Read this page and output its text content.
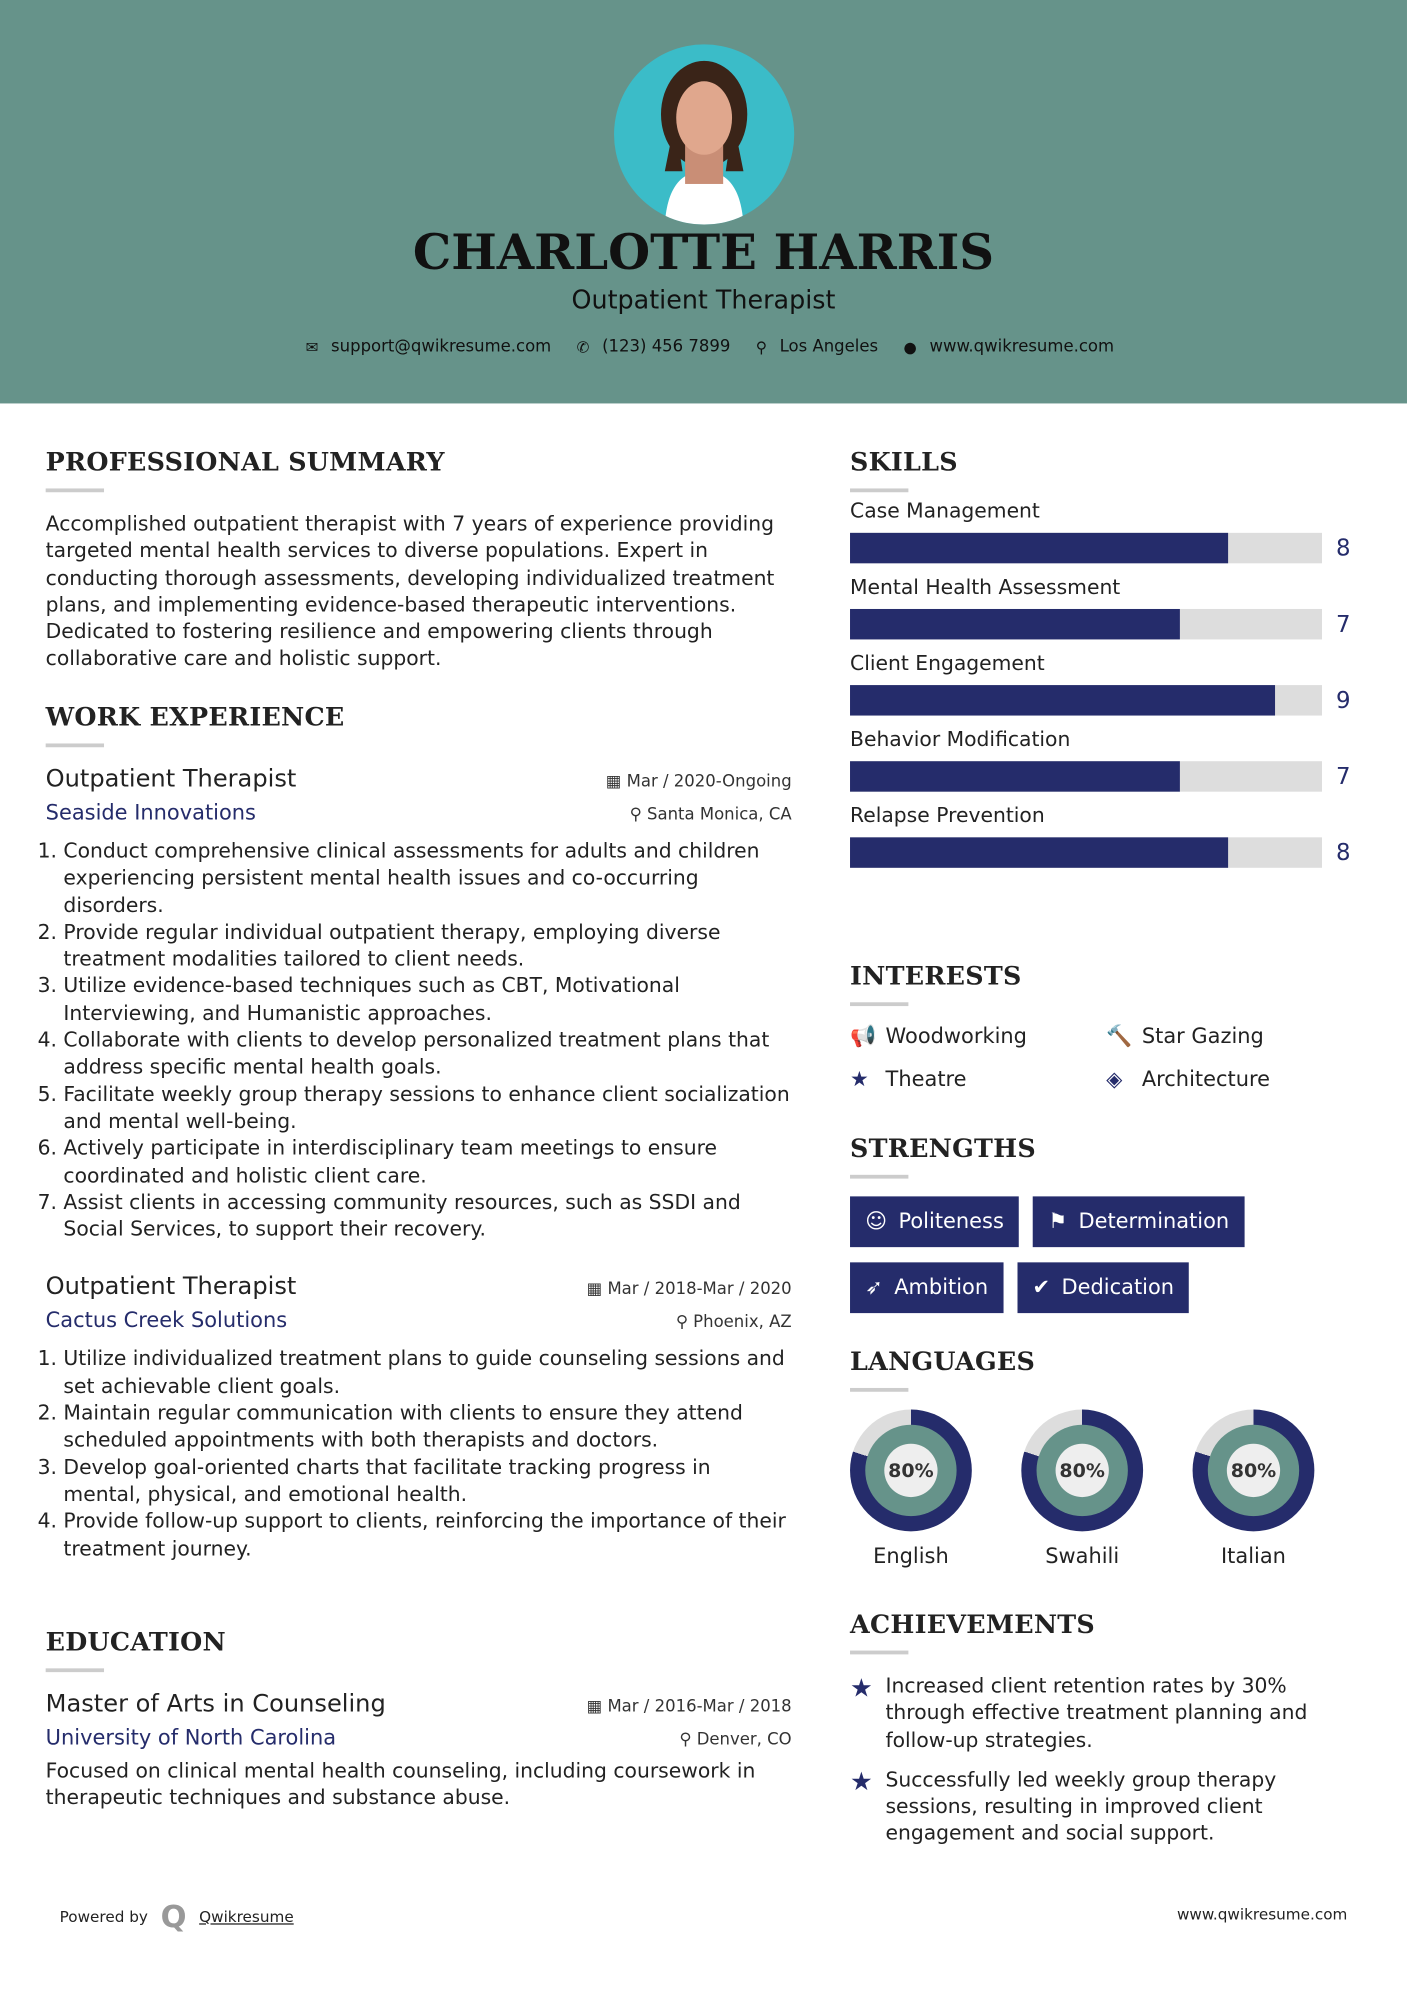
CHARLOTTE HARRIS
Outpatient Therapist
✉ support@qwikresume.com ✆ (123) 456 7899 ⚲ Los Angeles ● www.qwikresume.com
PROFESSIONAL SUMMARY
Accomplished outpatient therapist with 7 years of experience providing targeted mental health services to diverse populations. Expert in conducting thorough assessments, developing individualized treatment plans, and implementing evidence-based therapeutic interventions. Dedicated to fostering resilience and empowering clients through collaborative care and holistic support.
WORK EXPERIENCE
Outpatient Therapist	▦ Mar / 2020-Ongoing
Seaside Innovations	⚲ Santa Monica, CA
1. Conduct comprehensive clinical assessments for adults and children experiencing persistent mental health issues and co-occurring disorders.
2. Provide regular individual outpatient therapy, employing diverse treatment modalities tailored to client needs.
3. Utilize evidence-based techniques such as CBT, Motivational Interviewing, and Humanistic approaches.
4. Collaborate with clients to develop personalized treatment plans that address specific mental health goals.
5. Facilitate weekly group therapy sessions to enhance client socialization and mental well-being.
6. Actively participate in interdisciplinary team meetings to ensure coordinated and holistic client care.
7. Assist clients in accessing community resources, such as SSDI and Social Services, to support their recovery.
Outpatient Therapist	▦ Mar / 2018-Mar / 2020
Cactus Creek Solutions	⚲ Phoenix, AZ
1. Utilize individualized treatment plans to guide counseling sessions and set achievable client goals.
2. Maintain regular communication with clients to ensure they attend scheduled appointments with both therapists and doctors.
3. Develop goal-oriented charts that facilitate tracking progress in mental, physical, and emotional health.
4. Provide follow-up support to clients, reinforcing the importance of their treatment journey.
EDUCATION
Master of Arts in Counseling	▦ Mar / 2016-Mar / 2018
University of North Carolina	⚲ Denver, CO
Focused on clinical mental health counseling, including coursework in therapeutic techniques and substance abuse.
SKILLS
Case Management
8
Mental Health Assessment
7
Client Engagement
9
Behavior Modification
7
Relapse Prevention
8
INTERESTS
📢 Woodworking	🔨 Star Gazing
★ Theatre	◈ Architecture
STRENGTHS
☺ Politeness	⚑ Determination

➶ Ambition	✔ Dedication
LANGUAGES
80%
English
80%
Swahili
80%
Italian
ACHIEVEMENTS
★ Increased client retention rates by 30% through effective treatment planning and follow-up strategies.
★ Successfully led weekly group therapy sessions, resulting in improved client engagement and social support.
Powered by Q Qwikresume	www.qwikresume.com
